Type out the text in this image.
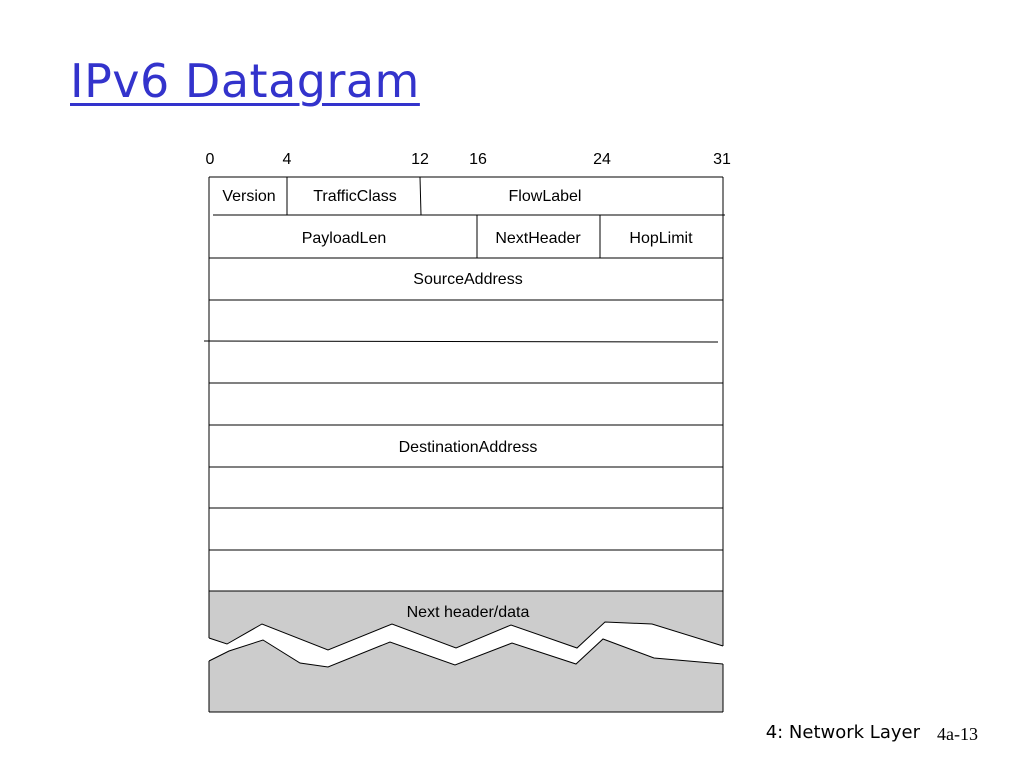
IPv6 Datagram
0	4	12	16	24	31
Version TrafficClass	FlowLabel
PayloadLen	NextHeader	HopLimit
SourceAddress
DestinationAddress
Next header/data
4: Network Layer 4a-13
